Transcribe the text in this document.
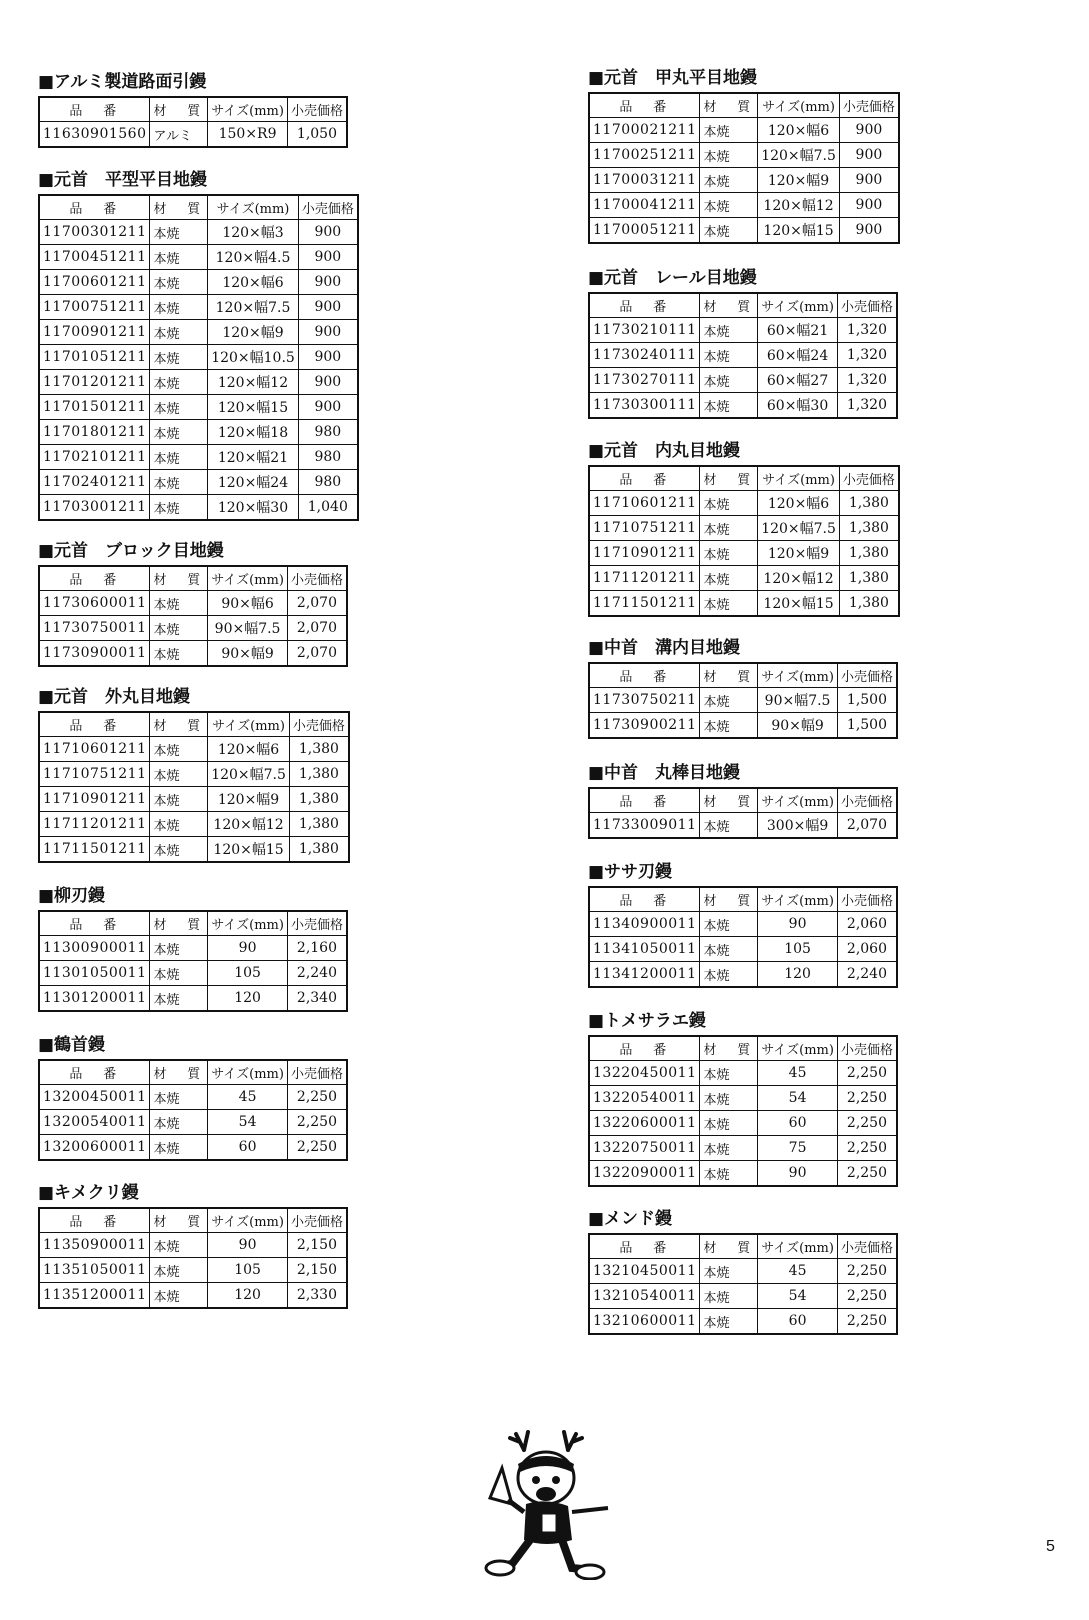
■アルミ製道路面引鏝
品　番	材　質	サイズ(mm)	小売価格
11630901560	アルミ	150×R9	1,050
■元首　平型平目地鏝
品　番	材　質	サイズ(mm)	小売価格
11700301211	本焼	120×幅3	900
11700451211	本焼	120×幅4.5	900
11700601211	本焼	120×幅6	900
11700751211	本焼	120×幅7.5	900
11700901211	本焼	120×幅9	900
11701051211	本焼	120×幅10.5	900
11701201211	本焼	120×幅12	900
11701501211	本焼	120×幅15	900
11701801211	本焼	120×幅18	980
11702101211	本焼	120×幅21	980
11702401211	本焼	120×幅24	980
11703001211	本焼	120×幅30	1,040
■元首　ブロック目地鏝
品　番	材　質	サイズ(mm)	小売価格
11730600011	本焼	90×幅6	2,070
11730750011	本焼	90×幅7.5	2,070
11730900011	本焼	90×幅9	2,070
■元首　外丸目地鏝
品　番	材　質	サイズ(mm)	小売価格
11710601211	本焼	120×幅6	1,380
11710751211	本焼	120×幅7.5	1,380
11710901211	本焼	120×幅9	1,380
11711201211	本焼	120×幅12	1,380
11711501211	本焼	120×幅15	1,380
■柳刃鏝
品　番	材　質	サイズ(mm)	小売価格
11300900011	本焼	90	2,160
11301050011	本焼	105	2,240
11301200011	本焼	120	2,340
■鶴首鏝
品　番	材　質	サイズ(mm)	小売価格
13200450011	本焼	45	2,250
13200540011	本焼	54	2,250
13200600011	本焼	60	2,250
■キメクリ鏝
品　番	材　質	サイズ(mm)	小売価格
11350900011	本焼	90	2,150
11351050011	本焼	105	2,150
11351200011	本焼	120	2,330
■元首　甲丸平目地鏝
品　番	材　質	サイズ(mm)	小売価格
11700021211	本焼	120×幅6	900
11700251211	本焼	120×幅7.5	900
11700031211	本焼	120×幅9	900
11700041211	本焼	120×幅12	900
11700051211	本焼	120×幅15	900
■元首　レール目地鏝
品　番	材　質	サイズ(mm)	小売価格
11730210111	本焼	60×幅21	1,320
11730240111	本焼	60×幅24	1,320
11730270111	本焼	60×幅27	1,320
11730300111	本焼	60×幅30	1,320
■元首　内丸目地鏝
品　番	材　質	サイズ(mm)	小売価格
11710601211	本焼	120×幅6	1,380
11710751211	本焼	120×幅7.5	1,380
11710901211	本焼	120×幅9	1,380
11711201211	本焼	120×幅12	1,380
11711501211	本焼	120×幅15	1,380
■中首　溝内目地鏝
品　番	材　質	サイズ(mm)	小売価格
11730750211	本焼	90×幅7.5	1,500
11730900211	本焼	90×幅9	1,500
■中首　丸棒目地鏝
品　番	材　質	サイズ(mm)	小売価格
11733009011	本焼	300×幅9	2,070
■ササ刃鏝
品　番	材　質	サイズ(mm)	小売価格
11340900011	本焼	90	2,060
11341050011	本焼	105	2,060
11341200011	本焼	120	2,240
■トメサラエ鏝
品　番	材　質	サイズ(mm)	小売価格
13220450011	本焼	45	2,250
13220540011	本焼	54	2,250
13220600011	本焼	60	2,250
13220750011	本焼	75	2,250
13220900011	本焼	90	2,250
■メンド鏝
品　番	材　質	サイズ(mm)	小売価格
13210450011	本焼	45	2,250
13210540011	本焼	54	2,250
13210600011	本焼	60	2,250
5
